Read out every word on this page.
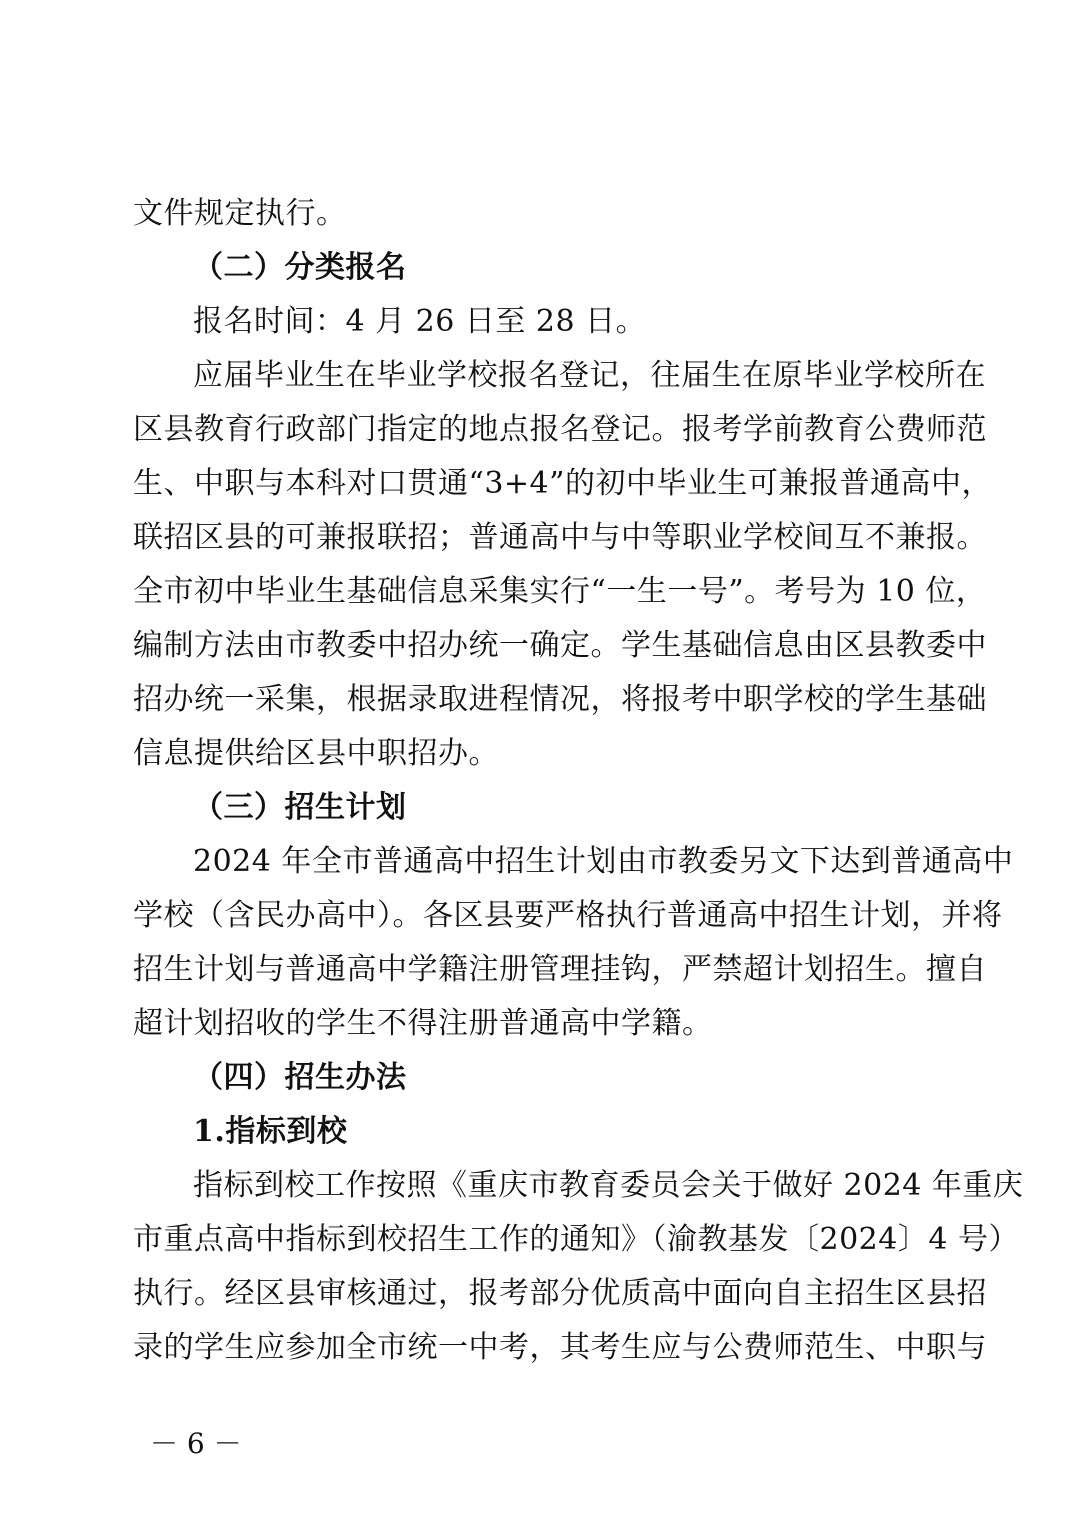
文件规定执行。
（二）分类报名
报名时间：4 月 26 日至 28 日。
应届毕业生在毕业学校报名登记，往届生在原毕业学校所在
区县教育行政部门指定的地点报名登记。报考学前教育公费师范
生、中职与本科对口贯通“3+4”的初中毕业生可兼报普通高中，
联招区县的可兼报联招；普通高中与中等职业学校间互不兼报。
全市初中毕业生基础信息采集实行“一生一号”。考号为 10 位，
编制方法由市教委中招办统一确定。学生基础信息由区县教委中
招办统一采集，根据录取进程情况，将报考中职学校的学生基础
信息提供给区县中职招办。
（三）招生计划
2024 年全市普通高中招生计划由市教委另文下达到普通高中
学校（含民办高中）。各区县要严格执行普通高中招生计划，并将
招生计划与普通高中学籍注册管理挂钩，严禁超计划招生。擅自
超计划招收的学生不得注册普通高中学籍。
（四）招生办法
1.指标到校
指标到校工作按照《重庆市教育委员会关于做好 2024 年重庆
市重点高中指标到校招生工作的通知》（渝教基发〔2024〕4 号）
执行。经区县审核通过，报考部分优质高中面向自主招生区县招
录的学生应参加全市统一中考，其考生应与公费师范生、中职与
－ 6 －
